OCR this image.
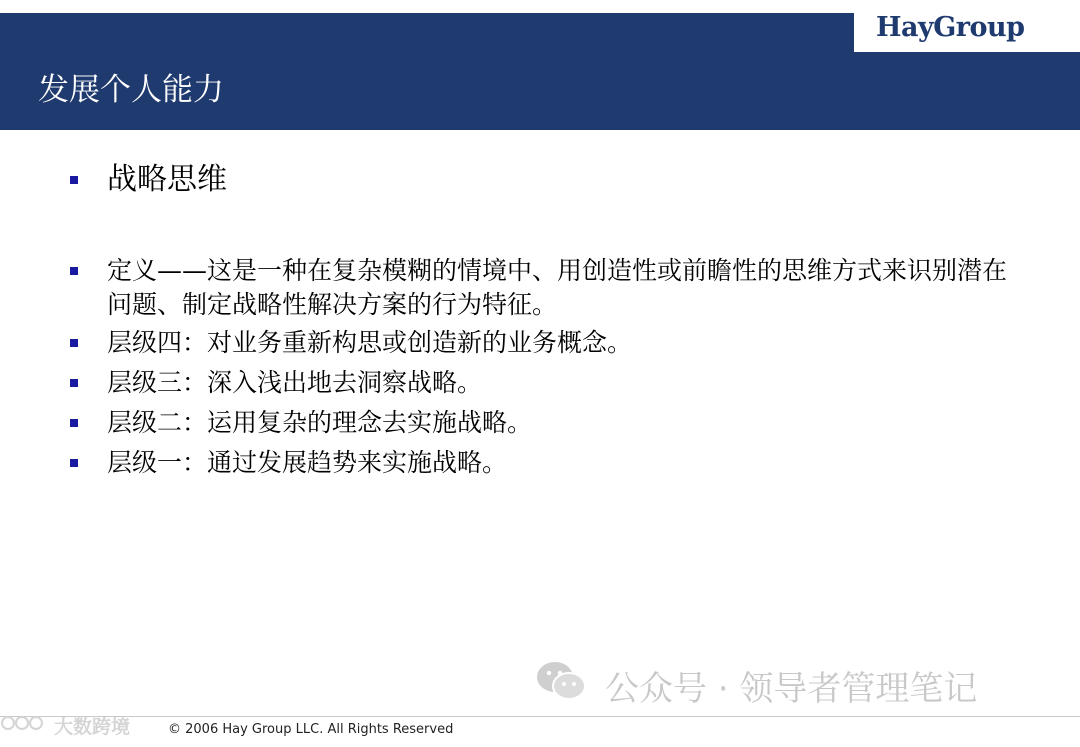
HayGroup
发展个人能力
战略思维
定义——这是一种在复杂模糊的情境中、用创造性或前瞻性的思维方式来识别潜在问题、制定战略性解决方案的行为特征。
层级四：对业务重新构思或创造新的业务概念。
层级三：深入浅出地去洞察战略。
层级二：运用复杂的理念去实施战略。
层级一：通过发展趋势来实施战略。
公众号 · 领导者管理笔记
大数跨境	© 2006 Hay Group LLC. All Rights Reserved
